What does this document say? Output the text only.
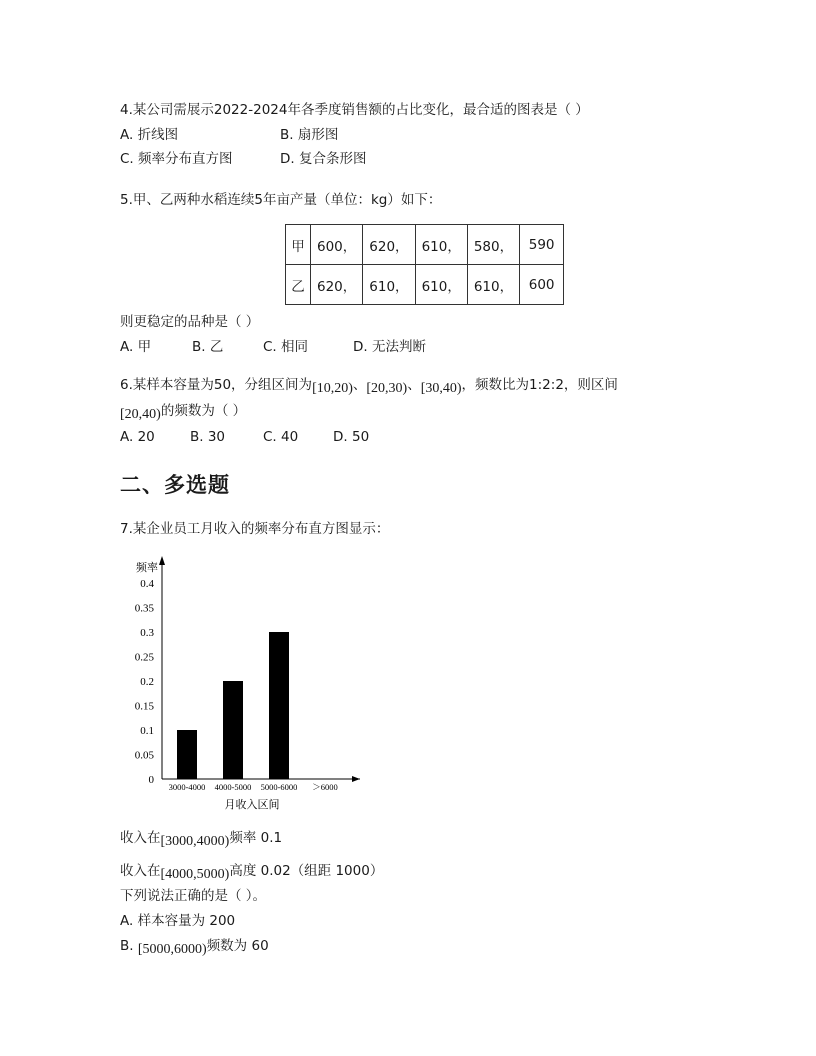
4.某公司需展示2022-2024年各季度销售额的占比变化，最合适的图表是（ ）
A. 折线图	B. 扇形图
C. 频率分布直方图	D. 复合条形图
5.甲、乙两种水稻连续5年亩产量（单位：kg）如下：
甲	600，	620，	610，	580，	590
乙	620，	610，	610，	610，	600
则更稳定的品种是（ ）
A. 甲	B. 乙	C. 相同	D. 无法判断
6.某样本容量为50，分组区间为[10,20)、[20,30)、[30,40)，频数比为1:2:2，则区间
[20,40)的频数为（ ）
A. 20	B. 30	C. 40	D. 50
二、多选题
7.某企业员工月收入的频率分布直方图显示：
0
0.05
0.1
0.15
0.2
0.25
0.3
0.35
0.4
3000-4000 4000-5000 5000-6000 ＞6000
频率
月收入区间
收入在[3000,4000)频率 0.1
收入在[4000,5000)高度 0.02（组距 1000）
下列说法正确的是（ ）。
A. 样本容量为 200
B. [5000,6000)频数为 60
